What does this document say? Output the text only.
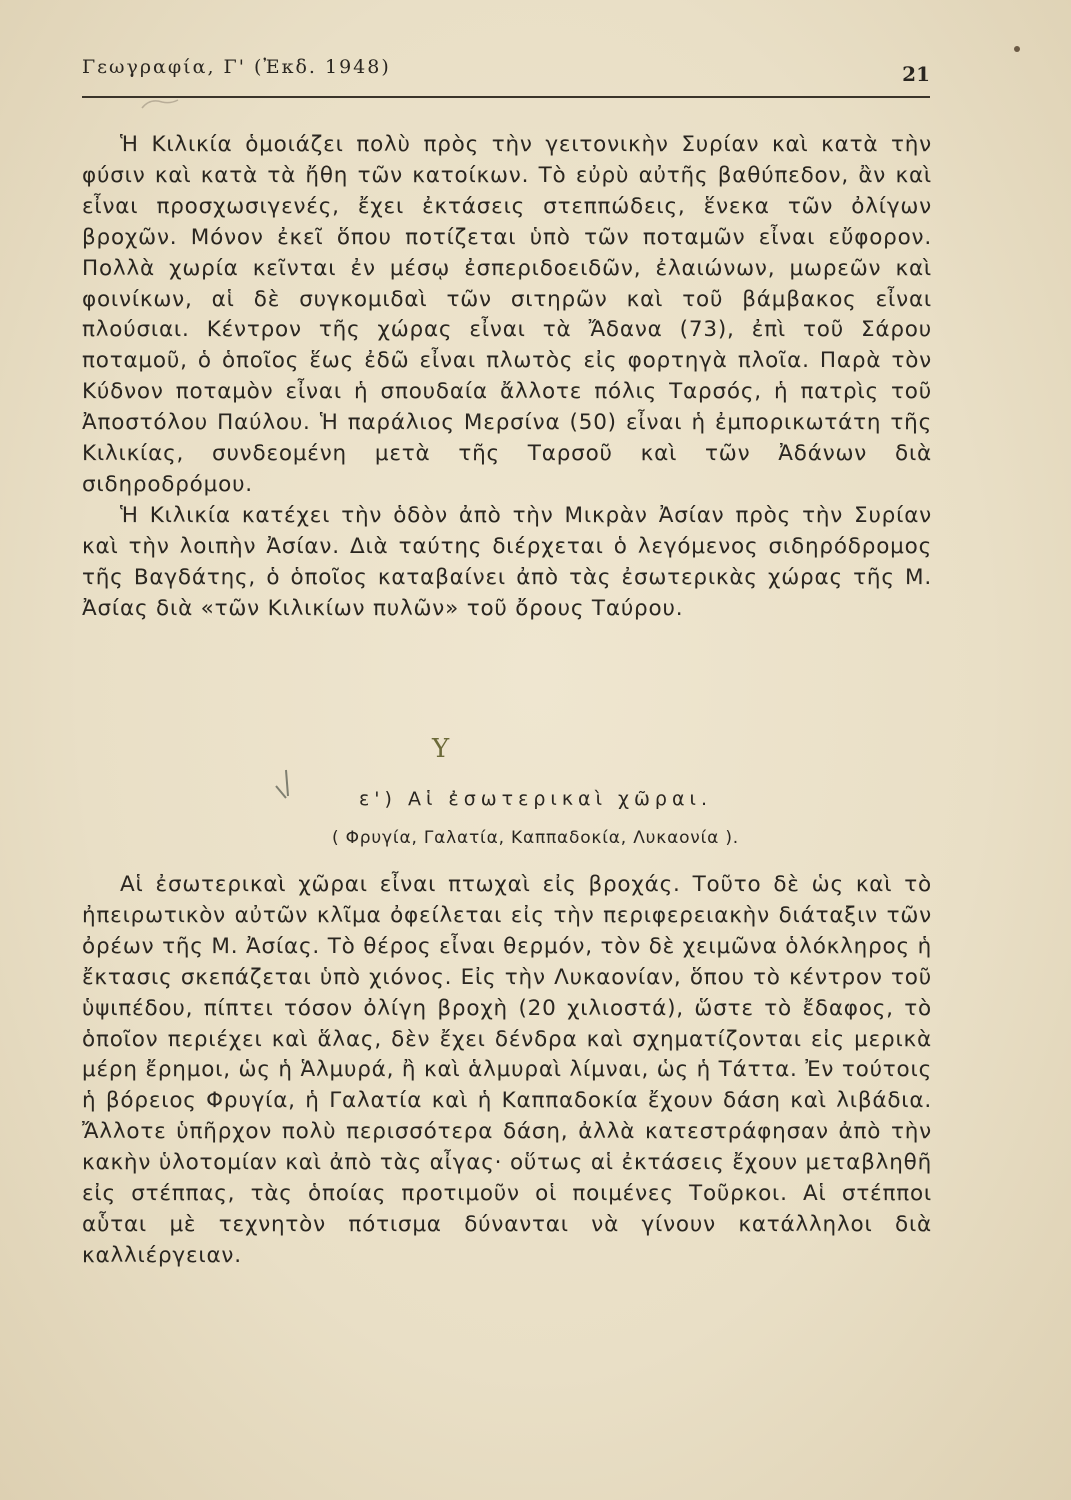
Γεωγραφία, Γ' (Ἐκδ. 1948)	21

Ἡ Κιλικία ὁμοιάζει πολὺ πρὸς τὴν γειτονικὴν Συρίαν καὶ κατὰ τὴν φύσιν καὶ κατὰ τὰ ἤθη τῶν κατοίκων. Τὸ εὐρὺ αὐτῆς βαθύπεδον, ἂν καὶ εἶναι προσχωσιγενές, ἔχει ἐκτάσεις στεππώδεις, ἕνεκα τῶν ὀλίγων βροχῶν. Μόνον ἐκεῖ ὅπου ποτίζεται ὑπὸ τῶν ποταμῶν εἶναι εὔφορον. Πολλὰ χωρία κεῖνται ἐν μέσῳ ἐσπεριδοειδῶν, ἐλαιώνων, μωρεῶν καὶ φοινίκων, αἱ δὲ συγκομιδαὶ τῶν σιτηρῶν καὶ τοῦ βάμβακος εἶναι πλούσιαι. Κέντρον τῆς χώρας εἶναι τὰ Ἄδανα (73), ἐπὶ τοῦ Σάρου ποταμοῦ, ὁ ὁποῖος ἕως ἐδῶ εἶναι πλωτὸς εἰς φορτηγὰ πλοῖα. Παρὰ τὸν Κύδνον ποταμὸν εἶναι ἡ σπουδαία ἄλλοτε πόλις Ταρσός, ἡ πατρὶς τοῦ Ἀποστόλου Παύλου. Ἡ παράλιος Μερσίνα (50) εἶναι ἡ ἐμπορικωτάτη τῆς Κιλικίας, συνδεομένη μετὰ τῆς Ταρσοῦ καὶ τῶν Ἀδάνων διὰ σιδηροδρόμου.

Ἡ Κιλικία κατέχει τὴν ὁδὸν ἀπὸ τὴν Μικρὰν Ἀσίαν πρὸς τὴν Συρίαν καὶ τὴν λοιπὴν Ἀσίαν. Διὰ ταύτης διέρχεται ὁ λεγόμενος σιδηρόδρομος τῆς Βαγδάτης, ὁ ὁποῖος καταβαίνει ἀπὸ τὰς ἐσωτερικὰς χώρας τῆς Μ. Ἀσίας διὰ «τῶν Κιλικίων πυλῶν» τοῦ ὄρους Ταύρου.

Y
ε') Αἱ ἐσωτερικαὶ χῶραι.
( Φρυγία, Γαλατία, Καππαδοκία, Λυκαονία ).

Αἱ ἐσωτερικαὶ χῶραι εἶναι πτωχαὶ εἰς βροχάς. Τοῦτο δὲ ὡς καὶ τὸ ἠπειρωτικὸν αὐτῶν κλῖμα ὀφείλεται εἰς τὴν περιφερειακὴν διάταξιν τῶν ὀρέων τῆς Μ. Ἀσίας. Τὸ θέρος εἶναι θερμόν, τὸν δὲ χειμῶνα ὁλόκληρος ἡ ἔκτασις σκεπάζεται ὑπὸ χιόνος. Εἰς τὴν Λυκαονίαν, ὅπου τὸ κέντρον τοῦ ὑψιπέδου, πίπτει τόσον ὀλίγη βροχὴ (20 χιλιοστά), ὥστε τὸ ἔδαφος, τὸ ὁποῖον περιέχει καὶ ἅλας, δὲν ἔχει δένδρα καὶ σχηματίζονται εἰς μερικὰ μέρη ἔρημοι, ὡς ἡ Ἁλμυρά, ἢ καὶ ἁλμυραὶ λίμναι, ὡς ἡ Τάττα. Ἐν τούτοις ἡ βόρειος Φρυγία, ἡ Γαλατία καὶ ἡ Καππαδοκία ἔχουν δάση καὶ λιβάδια. Ἄλλοτε ὑπῆρχον πολὺ περισσότερα δάση, ἀλλὰ κατεστράφησαν ἀπὸ τὴν κακὴν ὑλοτομίαν καὶ ἀπὸ τὰς αἶγας· οὕτως αἱ ἐκτάσεις ἔχουν μεταβληθῆ εἰς στέππας, τὰς ὁποίας προτιμοῦν οἱ ποιμένες Τοῦρκοι. Αἱ στέπποι αὗται μὲ τεχνητὸν πότισμα δύνανται νὰ γίνουν κατάλληλοι διὰ καλλιέργειαν.
